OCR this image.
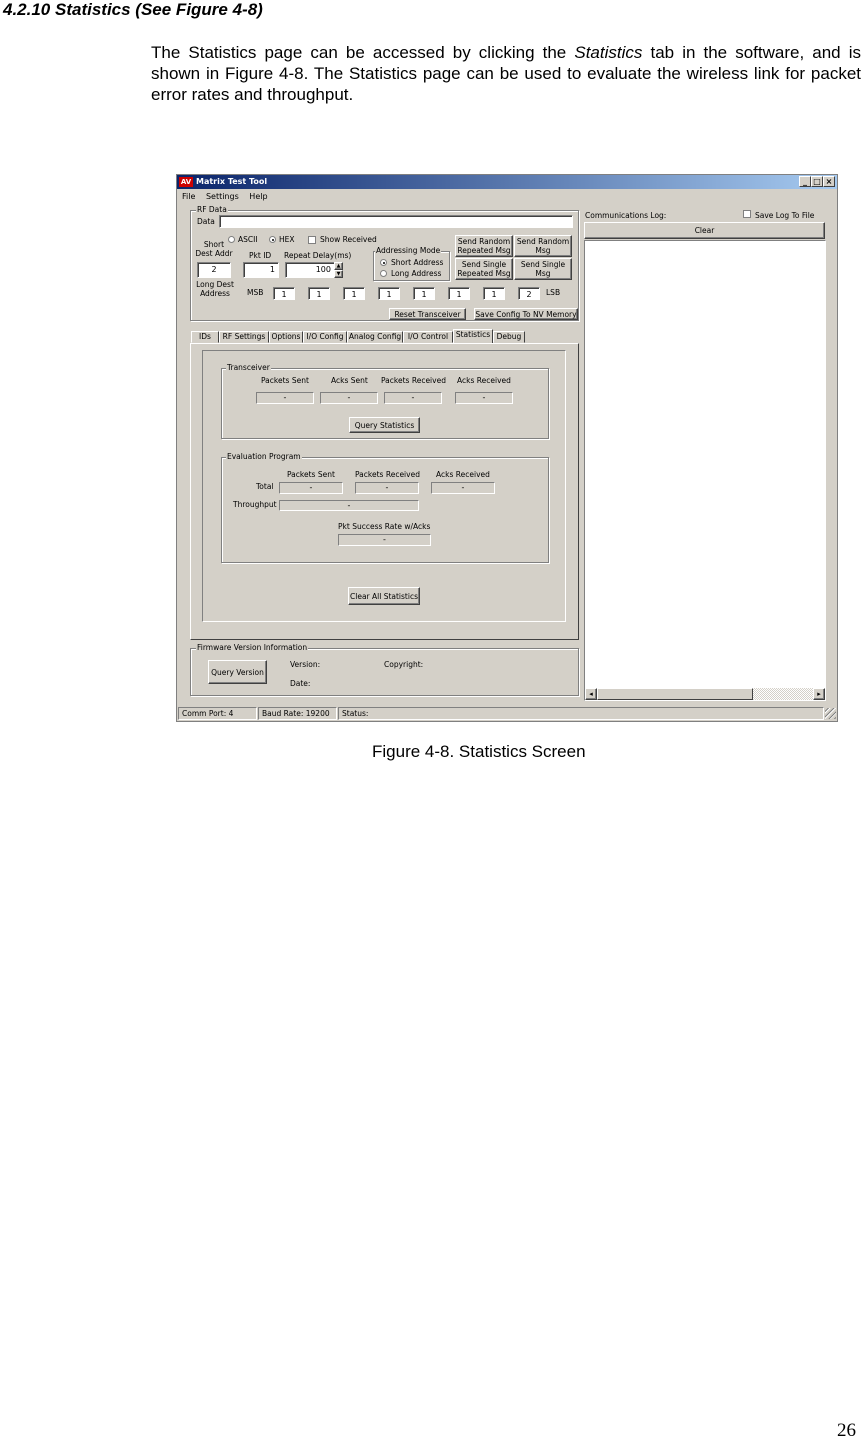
4.2.10 Statistics (See Figure 4-8)
The Statistics page can be accessed by clicking the Statistics tab in the software, and is shown in Figure 4-8. The Statistics page can be used to evaluate the wireless link for packet error rates and throughput.
AV Matrix Test Tool	_ □ ×
File Settings Help
RF Data
Data
ASCII	HEX	Show Received
Short Dest Addr
2
Pkt ID
1
Repeat Delay(ms)
100	▲
▼
Addressing Mode
Short Address
Long Address
Send Random Repeated Msg
Send Random Msg
Send Single Repeated Msg
Send Single Msg
Long Dest Address	MSB	1	1	1	1	1	1	1	2	LSB
Reset Transceiver	Save Config To NV Memory
IDs	RF Settings Options I/O Config Analog Config I/O Control	Statistics Debug
Transceiver
Packets Sent	Acks Sent Packets Received Acks Received
-	-	-	-
Query Statistics
Evaluation Program
Packets Sent	Packets Received Acks Received
Total	-	-	-
Throughput	-
Pkt Success Rate w/Acks
-
Clear All Statistics
Firmware Version Information
Query Version
Version:	Copyright:
Date:
Communications Log:	Save Log To File
Clear
◂	▸
Comm Port: 4	Baud Rate: 19200	Status:
Figure 4-8. Statistics Screen
26
